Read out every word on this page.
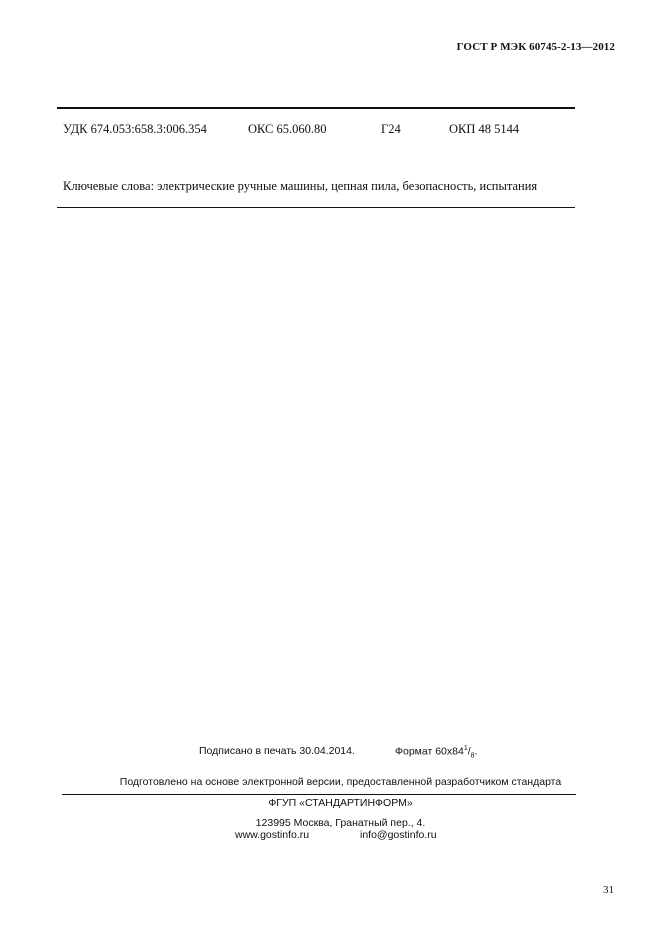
ГОСТ Р МЭК 60745-2-13—2012
УДК 674.053:658.3:006.354	ОКС 65.060.80	Г24	ОКП 48 5144
Ключевые слова: электрические ручные машины, цепная пила, безопасность, испытания
Подписано в печать 30.04.2014.	Формат $60x84^1/_8$.
Подготовлено на основе электронной версии, предоставленной разработчиком стандарта
ФГУП «СТАНДАРТИНФОРМ»
123995 Москва, Гранатный пер., 4.
www.gostinfo.ru	info@gostinfo.ru
31
